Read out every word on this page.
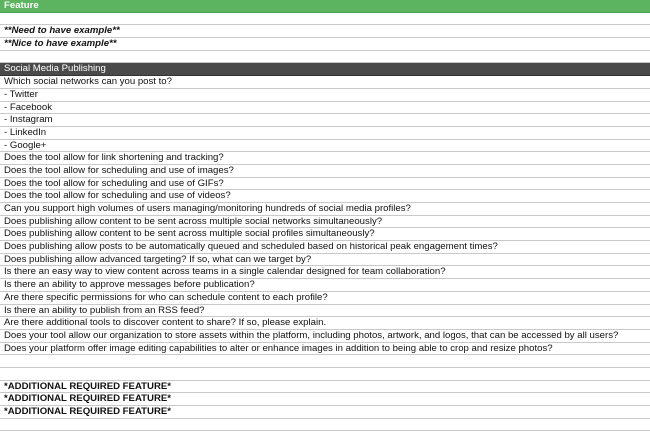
Feature
**Need to have example**
**Nice to have example**
Social Media Publishing
Which social networks can you post to?
- Twitter
- Facebook
- Instagram
- LinkedIn
- Google+
Does the tool allow for link shortening and tracking?
Does the tool allow for scheduling and use of images?
Does the tool allow for scheduling and use of GIFs?
Does the tool allow for scheduling and use of videos?
Can you support high volumes of users managing/monitoring hundreds of social media profiles?
Does publishing allow content to be sent across multiple social networks simultaneously?
Does publishing allow content to be sent across multiple social profiles simultaneously?
Does publishing allow posts to be automatically queued and scheduled based on historical peak engagement times?
Does publishing allow advanced targeting? If so, what can we target by?
Is there an easy way to view content across teams in a single calendar designed for team collaboration?
Is there an ability to approve messages before publication?
Are there specific permissions for who can schedule content to each profile?
Is there an ability to publish from an RSS feed?
Are there additional tools to discover content to share? If so, please explain.
Does your tool allow our organization to store assets within the platform, including photos, artwork, and logos, that can be accessed by all users?
Does your platform offer image editing capabilities to alter or enhance images in addition to being able to crop and resize photos?
*ADDITIONAL REQUIRED FEATURE*
*ADDITIONAL REQUIRED FEATURE*
*ADDITIONAL REQUIRED FEATURE*
